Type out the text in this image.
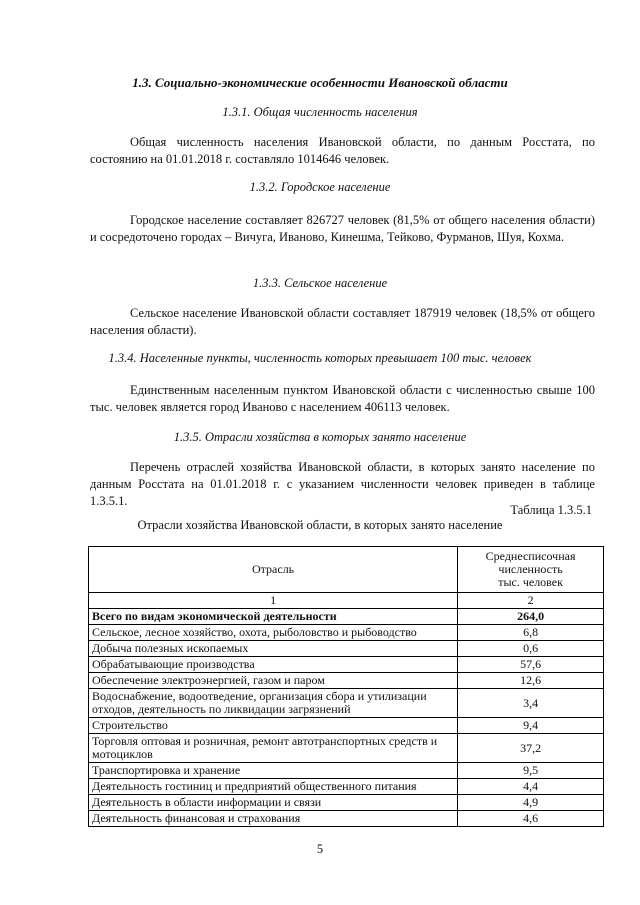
1.3. Социально-экономические особенности Ивановской области
1.3.1. Общая численность населения
Общая численность населения Ивановской области, по данным Росстата, по состоянию на 01.01.2018 г. составляло 1014646 человек.
1.3.2. Городское население
Городское население составляет 826727 человек (81,5% от общего населения области) и сосредоточено городах – Вичуга, Иваново, Кинешма, Тейково, Фурманов, Шуя, Кохма.
1.3.3. Сельское население
Сельское население Ивановской области составляет 187919 человек (18,5% от общего населения области).
1.3.4. Населенные пункты, численность которых превышает 100 тыс. человек
Единственным населенным пунктом Ивановской области с численностью свыше 100 тыс. человек является город Иваново с населением 406113 человек.
1.3.5. Отрасли хозяйства в которых занято население
Перечень отраслей хозяйства Ивановской области, в которых занято население по данным Росстата на 01.01.2018 г. с указанием численности человек приведен в таблице 1.3.5.1.
Таблица 1.3.5.1
Отрасли хозяйства Ивановской области, в которых занято население
Отрасль	Среднесписочная
численность
тыс. человек

1	2
Всего по видам экономической деятельности	264,0
Сельское, лесное хозяйство, охота, рыболовство и рыбоводство	6,8
Добыча полезных ископаемых	0,6
Обрабатывающие производства	57,6
Обеспечение электроэнергией, газом и паром	12,6
Водоснабжение, водоотведение, организация сбора и утилизации отходов, деятельность по ликвидации загрязнений	3,4
Строительство	9,4
Торговля оптовая и розничная, ремонт автотранспортных средств и мотоциклов	37,2
Транспортировка и хранение	9,5
Деятельность гостиниц и предприятий общественного питания	4,4
Деятельность в области информации и связи	4,9
Деятельность финансовая и страхования	4,6
5
